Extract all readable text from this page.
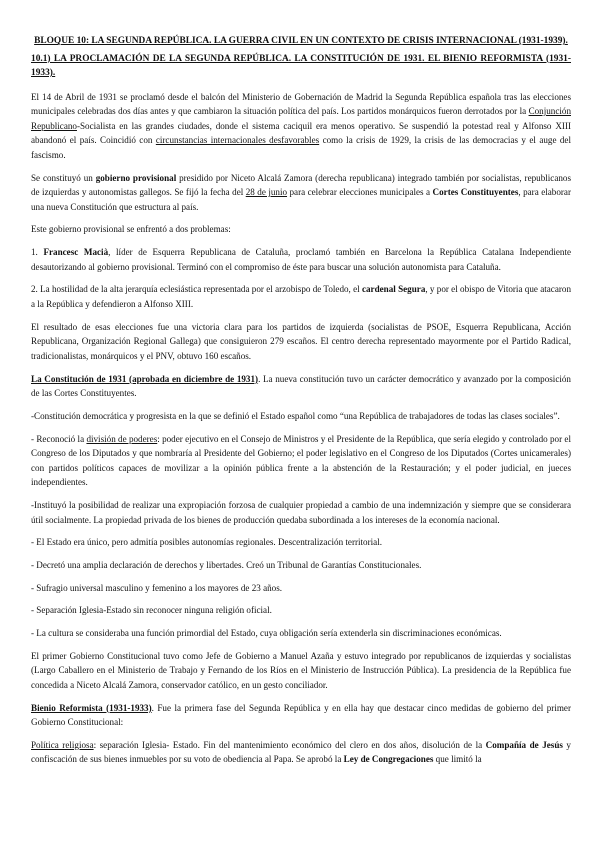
BLOQUE 10: LA SEGUNDA REPÚBLICA. LA GUERRA CIVIL EN UN CONTEXTO DE CRISIS INTERNACIONAL (1931-1939).
10.1) LA PROCLAMACIÓN DE LA SEGUNDA REPÚBLICA. LA CONSTITUCIÓN DE 1931. EL BIENIO REFORMISTA (1931-1933).

El 14 de Abril de 1931 se proclamó desde el balcón del Ministerio de Gobernación de Madrid la Segunda República española tras las elecciones municipales celebradas dos días antes y que cambiaron la situación política del país. Los partidos monárquicos fueron derrotados por la Conjunción Republicano-Socialista en las grandes ciudades, donde el sistema caciquil era menos operativo. Se suspendió la potestad real y Alfonso XIII abandonó el país. Coincidió con circunstancias internacionales desfavorables como la crisis de 1929, la crisis de las democracias y el auge del fascismo.

Se constituyó un gobierno provisional presidido por Niceto Alcalá Zamora (derecha republicana) integrado también por socialistas, republicanos de izquierdas y autonomistas gallegos. Se fijó la fecha del 28 de junio para celebrar elecciones municipales a Cortes Constituyentes, para elaborar una nueva Constitución que estructura al país.

Este gobierno provisional se enfrentó a dos problemas:

1. Francesc Macià, líder de Esquerra Republicana de Cataluña, proclamó también en Barcelona la República Catalana Independiente desautorizando al gobierno provisional. Terminó con el compromiso de éste para buscar una solución autonomista para Cataluña.

2. La hostilidad de la alta jerarquía eclesiástica representada por el arzobispo de Toledo, el cardenal Segura, y por el obispo de Vitoria que atacaron a la República y defendieron a Alfonso XIII.

El resultado de esas elecciones fue una victoria clara para los partidos de izquierda (socialistas de PSOE, Esquerra Republicana, Acción Republicana, Organización Regional Gallega) que consiguieron 279 escaños. El centro derecha representado mayormente por el Partido Radical, tradicionalistas, monárquicos y el PNV, obtuvo 160 escaños.

La Constitución de 1931 (aprobada en diciembre de 1931). La nueva constitución tuvo un carácter democrático y avanzado por la composición de las Cortes Constituyentes.

-Constitución democrática y progresista en la que se definió el Estado español como “una República de trabajadores de todas las clases sociales”.

- Reconoció la división de poderes: poder ejecutivo en el Consejo de Ministros y el Presidente de la República, que sería elegido y controlado por el Congreso de los Diputados y que nombraría al Presidente del Gobierno; el poder legislativo en el Congreso de los Diputados (Cortes unicamerales) con partidos políticos capaces de movilizar a la opinión pública frente a la abstención de la Restauración; y el poder judicial, en jueces independientes.

-Instituyó la posibilidad de realizar una expropiación forzosa de cualquier propiedad a cambio de una indemnización y siempre que se considerara útil socialmente. La propiedad privada de los bienes de producción quedaba subordinada a los intereses de la economía nacional.

- El Estado era único, pero admitía posibles autonomías regionales. Descentralización territorial.

- Decretó una amplia declaración de derechos y libertades. Creó un Tribunal de Garantías Constitucionales.

- Sufragio universal masculino y femenino a los mayores de 23 años.

- Separación Iglesia-Estado sin reconocer ninguna religión oficial.

- La cultura se consideraba una función primordial del Estado, cuya obligación sería extenderla sin discriminaciones económicas.

El primer Gobierno Constitucional tuvo como Jefe de Gobierno a Manuel Azaña y estuvo integrado por republicanos de izquierdas y socialistas (Largo Caballero en el Ministerio de Trabajo y Fernando de los Ríos en el Ministerio de Instrucción Pública). La presidencia de la República fue concedida a Niceto Alcalá Zamora, conservador católico, en un gesto conciliador.

Bienio Reformista (1931-1933). Fue la primera fase del Segunda República y en ella hay que destacar cinco medidas de gobierno del primer Gobierno Constitucional:

Política religiosa: separación Iglesia- Estado. Fin del mantenimiento económico del clero en dos años, disolución de la Compañía de Jesús y confiscación de sus bienes inmuebles por su voto de obediencia al Papa. Se aprobó la Ley de Congregaciones que limitó la
